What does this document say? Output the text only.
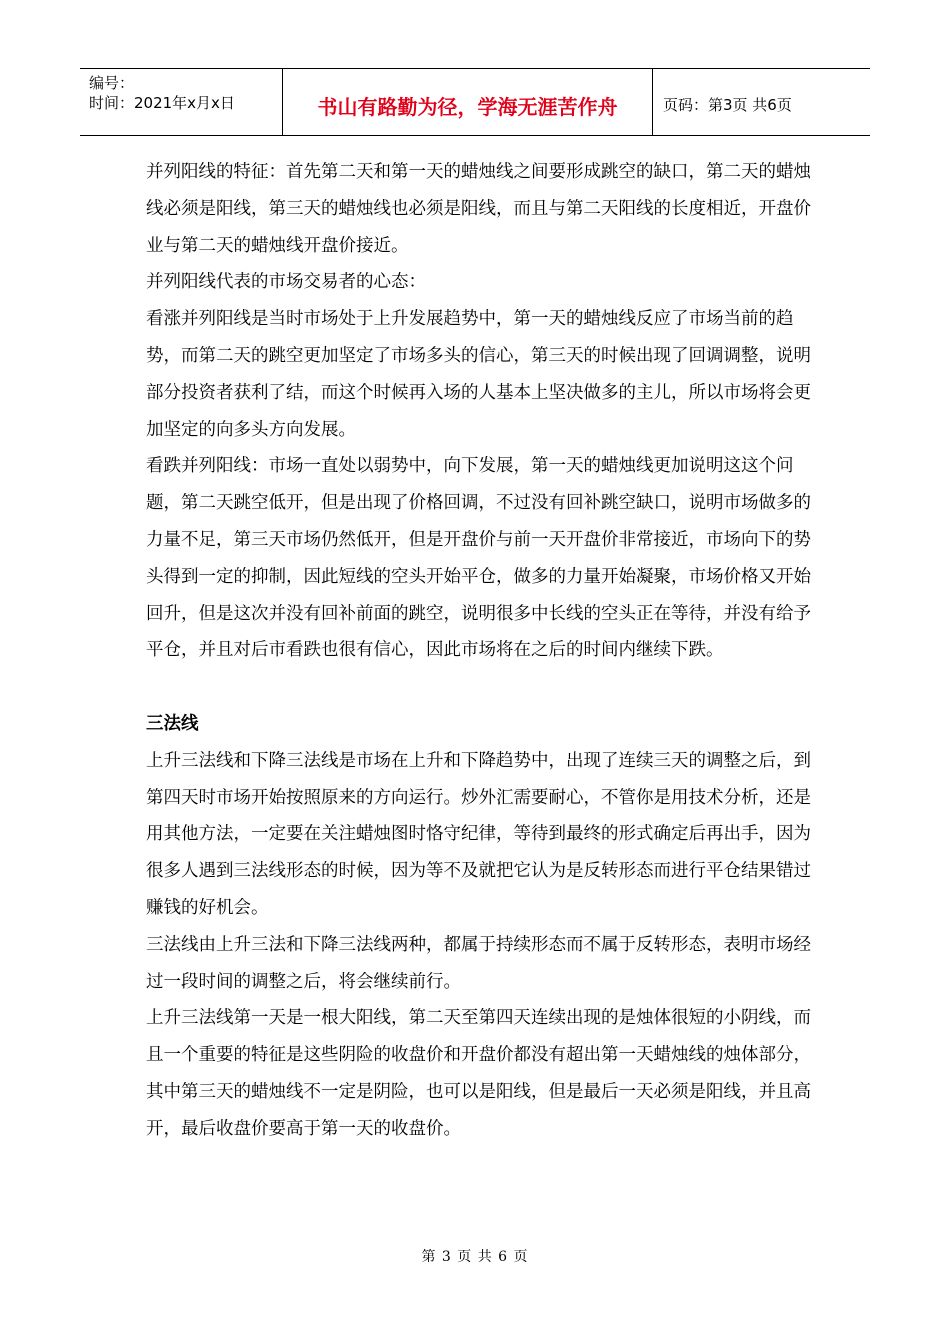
编号：
时间：2021年x月x日	书山有路勤为径，学海无涯苦作舟	页码：第3页 共6页

并列阳线的特征：首先第二天和第一天的蜡烛线之间要形成跳空的缺口，第二天的蜡烛线必须是阳线，第三天的蜡烛线也必须是阳线，而且与第二天阳线的长度相近，开盘价业与第二天的蜡烛线开盘价接近。

并列阳线代表的市场交易者的心态：

看涨并列阳线是当时市场处于上升发展趋势中，第一天的蜡烛线反应了市场当前的趋势，而第二天的跳空更加坚定了市场多头的信心，第三天的时候出现了回调调整，说明部分投资者获利了结，而这个时候再入场的人基本上坚决做多的主儿，所以市场将会更加坚定的向多头方向发展。

看跌并列阳线：市场一直处以弱势中，向下发展，第一天的蜡烛线更加说明这这个问题，第二天跳空低开，但是出现了价格回调，不过没有回补跳空缺口，说明市场做多的力量不足，第三天市场仍然低开，但是开盘价与前一天开盘价非常接近，市场向下的势头得到一定的抑制，因此短线的空头开始平仓，做多的力量开始凝聚，市场价格又开始回升，但是这次并没有回补前面的跳空，说明很多中长线的空头正在等待，并没有给予平仓，并且对后市看跌也很有信心，因此市场将在之后的时间内继续下跌。

三法线

上升三法线和下降三法线是市场在上升和下降趋势中，出现了连续三天的调整之后，到第四天时市场开始按照原来的方向运行。炒外汇需要耐心，不管你是用技术分析，还是用其他方法，一定要在关注蜡烛图时恪守纪律，等待到最终的形式确定后再出手，因为很多人遇到三法线形态的时候，因为等不及就把它认为是反转形态而进行平仓结果错过赚钱的好机会。

三法线由上升三法和下降三法线两种，都属于持续形态而不属于反转形态，表明市场经过一段时间的调整之后，将会继续前行。

上升三法线第一天是一根大阳线，第二天至第四天连续出现的是烛体很短的小阴线，而且一个重要的特征是这些阴险的收盘价和开盘价都没有超出第一天蜡烛线的烛体部分，其中第三天的蜡烛线不一定是阴险，也可以是阳线，但是最后一天必须是阳线，并且高开，最后收盘价要高于第一天的收盘价。

第 3 页 共 6 页
